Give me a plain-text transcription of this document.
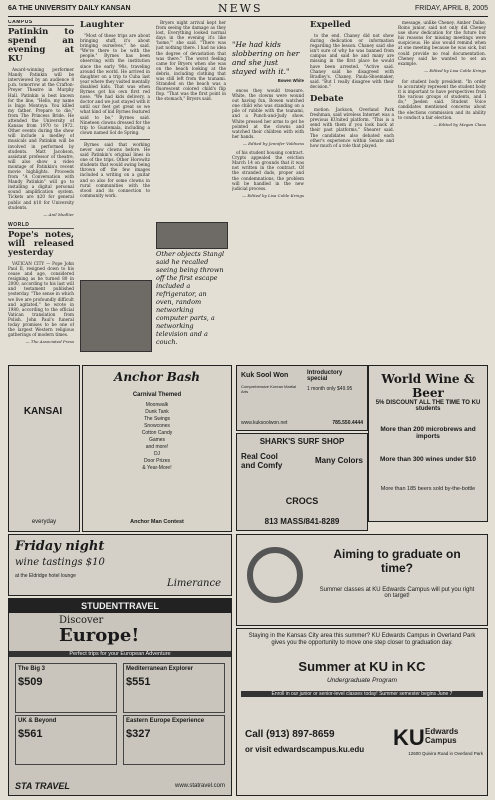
6A THE UNIVERSITY DAILY KANSAN	NEWS	FRIDAY, APRIL 8, 2005
CAMPUS
Patinkin to spend an evening at KU

Award-winning performer Mandy Patinkin will be interviewed by an audience 8 p.m. tomorrow at the Crafton-Preyer Theatre in Murphy Hall. Patinkin is best known for the line, "Hello, my name is Inigo Montoya. You killed my father. Prepare to die," from The Princess Bride. He attended the University of Kansas from 1970 to 1972. Other events during the show will include a medley of musicals and Patinkin will be involved in performed by students. Matt Jacobson, assistant professor of theatre, will also show a video montage of Patinkin's recent movie highlights. Proceeds from "A Conversation with Mandy Patinkin" will go to installing a digital personal sound amplification system. Tickets are $20 for general public and $10 for University students.

— Anil Mudlier
WORLD
Pope's notes, will released yesterday

VATICAN CITY — Pope John Paul II, resigned down to his cease and age, considered resigning as he turned 80 in 2000, according to his last will and testament published yesterday. "The sense in which we live are profoundly difficult and agitated," he wrote in 1980, according to the official Vatican translation from Polish. John Paul's funeral today promises to be one of the largest Western religious gatherings of modern times.

— The Associated Press
Laughter

"Most of these trips are about bringing stuff, it's about bringing ourselves," he said. "We're there to be with the people." Byrnes has been observing with the institution since the early '90s, traveling around the world. He arrived in daughter on a trip to Cuba last year where they visited mentally disabled kids. That was when Byrnes got his own first red nose. "We had kids delivery, a doctor and we just stayed with it until our feet got great so we what kind of kid Byrnes featured said to be," Byrnes said. Nineteen clowns dressed for the trip to Guatemala, including a clown named Sol de Spring.

Byrnes said that working never saw clowns before. He said Patinkin's original lines in one of the trips. Other Horowitz students that would swing being thrown off the few images included a writing on a guitar and so also for some clowns in rural communities with the stood and its connection to community work.

Bryers night arrival kept her from seeing the damage as they lost, Everything looked normal days in the evening it's like 'home,'" she said. "There was just nothing there. I had no idea the degree of devastation that was there." The worst feeling came for Bryers when she was on the beach looking at the debris, including clothing that was still left from the tsunami. Stranded on the beach was a fluorescent colored child's flip flop. "That was the first point in the stomach," Bryers said.

Other objects Stangl said he recalled seeing being thrown off the first escape included a refrigerator, an oven, random networking computer parts, a networking television and a couch.
"He had kids slobbering on her and she just stayed with it."
Bowen White

ences they would treasure. White, the clowns were wound out having fun, Bowen watched one child who was standing on a pile of rubble with the tsunami, and a Punch-and-Judy show. White pressed her arms to get he pointed at the clowns and watched their children with with her hands.

— Edited by Jennifer Voldness

of his student housing contract. Crypts appealed the eviction March 14 on grounds that it was not written in the contract. Of the stranded dads, proper and the condemnations, the problem will be handled in the new judicial process.

— Edited by Lisa Coble Krings
Expelled

to the end. Chaney did not show during dedication or information regarding the lesson. Chaney said she isn't sure of why he was banned from campus and said he and many are missing in the first place he would have been arrested. "Active said. Chaney said he disagreed with Bradley's. Chaney, Paula-Shoemaker, said. "But I really disagree with their decision."

Debate

motion. Jackson, Overland Park freshman, said wireless Internet was a previous KUnited platform. "This is a send with them if you look back at their past platforms," Shearer said. The candidates also debated each other's experience within Senate and how much of a role that played.

message, unlike Cheney. Amber Dalke, Roins junior, said not only did Cheney use show dedication for the future but his reasons for missing meetings were suspicious. He also would remind when at one meeting because he was sick, but could provide no real documentation. Cheney said he wanted to set an example.

— Edited by Lisa Coble Krings

for student body president. "In order to accurately represent the student body it is important to have perspectives from the various groups of students, and I do," Jaeden said. Student Voice candidates mentioned concerns about the elections commission and its ability to conduct a fair election.

— Edited by Megan Claus
KANSAI
everyday
Anchor Bash
Carnival Themed
Moonwalk
Dunk Tank
The Swings
Snowcones
Cotton Candy
Games
and more!
DJ
Door Prizes
& Year-More!
Anchor Man Contest
Kuk Sool Won	Introductory special
1 month only $49.95
Comprehensive Korean Martial Arts
www.kuksoolwon.net	785.550.4444
World Wine & Beer
5% DISCOUNT ALL THE TIME TO KU students
More than 200 microbrews and imports
More than 300 wines under $10
More than 185 beers sold by-the-bottle
SHARK'S SURF SHOP
Real Cool and Comfy
Many Colors
CROCS
813 MASS/841-8289
Friday night
wine tastings $10
at the Eldridge hotel lounge
Limerance
STUDENTTRAVEL
Discover
Europe!
Perfect trips for your European Adventure
The Big 3
$509
Mediterranean Explorer
$551
UK & Beyond
$561
Eastern Europe Experience
$327
STA TRAVEL	www.statravel.com
Aiming to graduate on time?
Summer classes at KU Edwards Campus will put you right on target!
Staying in the Kansas City area this summer? KU Edwards Campus in Overland Park gives you the opportunity to move one step closer to graduation day.
Summer at KU in KC
Undergraduate Program
Enroll in our junior or senior-level classes today! Summer semester begins June 7
Call (913) 897-8659
or visit edwardscampus.ku.edu KU Edwards Campus
12600 Quivira Road in Overland Park
